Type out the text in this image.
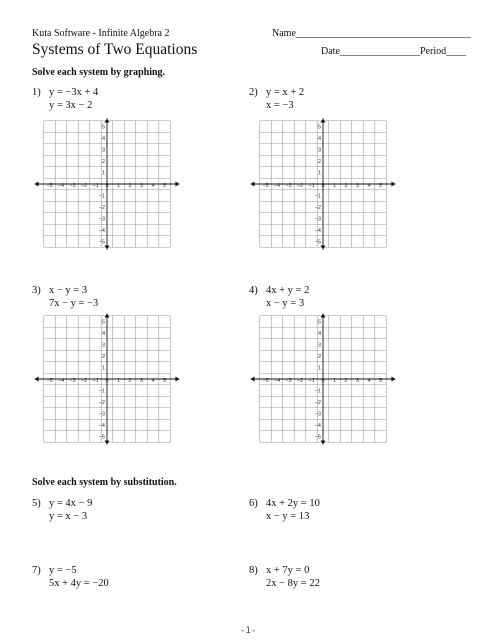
Kuta Software - Infinite Algebra 2	Name___________________________________
Systems of Two Equations	Date________________ Period____
Solve each system by graphing.
1) y = −3x + 4
y = 3x − 2
2) y = x + 2
x = −3
3) x − y = 3
7x − y = −3
4) 4x + y = 2
x − y = 3
−5 −4 −3 −2 −1 0 1 2 3 4 5
5
4
3
2
1
−1
−2
−3
−4
−5
−5 −4 −3 −2 −1 0 1 2 3 4 5
5
4
3
2
1
−1
−2
−3
−4
−5
−5 −4 −3 −2 −1 0 1 2 3 4 5
5
4
3
2
1
−1
−2
−3
−4
−5
−5 −4 −3 −2 −1 0 1 2 3 4 5
5
4
3
2
1
−1
−2
−3
−4
−5
Solve each system by substitution.
5) y = 4x − 9
y = x − 3
6) 4x + 2y = 10
x − y = 13
7) y = −5
5x + 4y = −20
8) x + 7y = 0
2x − 8y = 22
-1-
